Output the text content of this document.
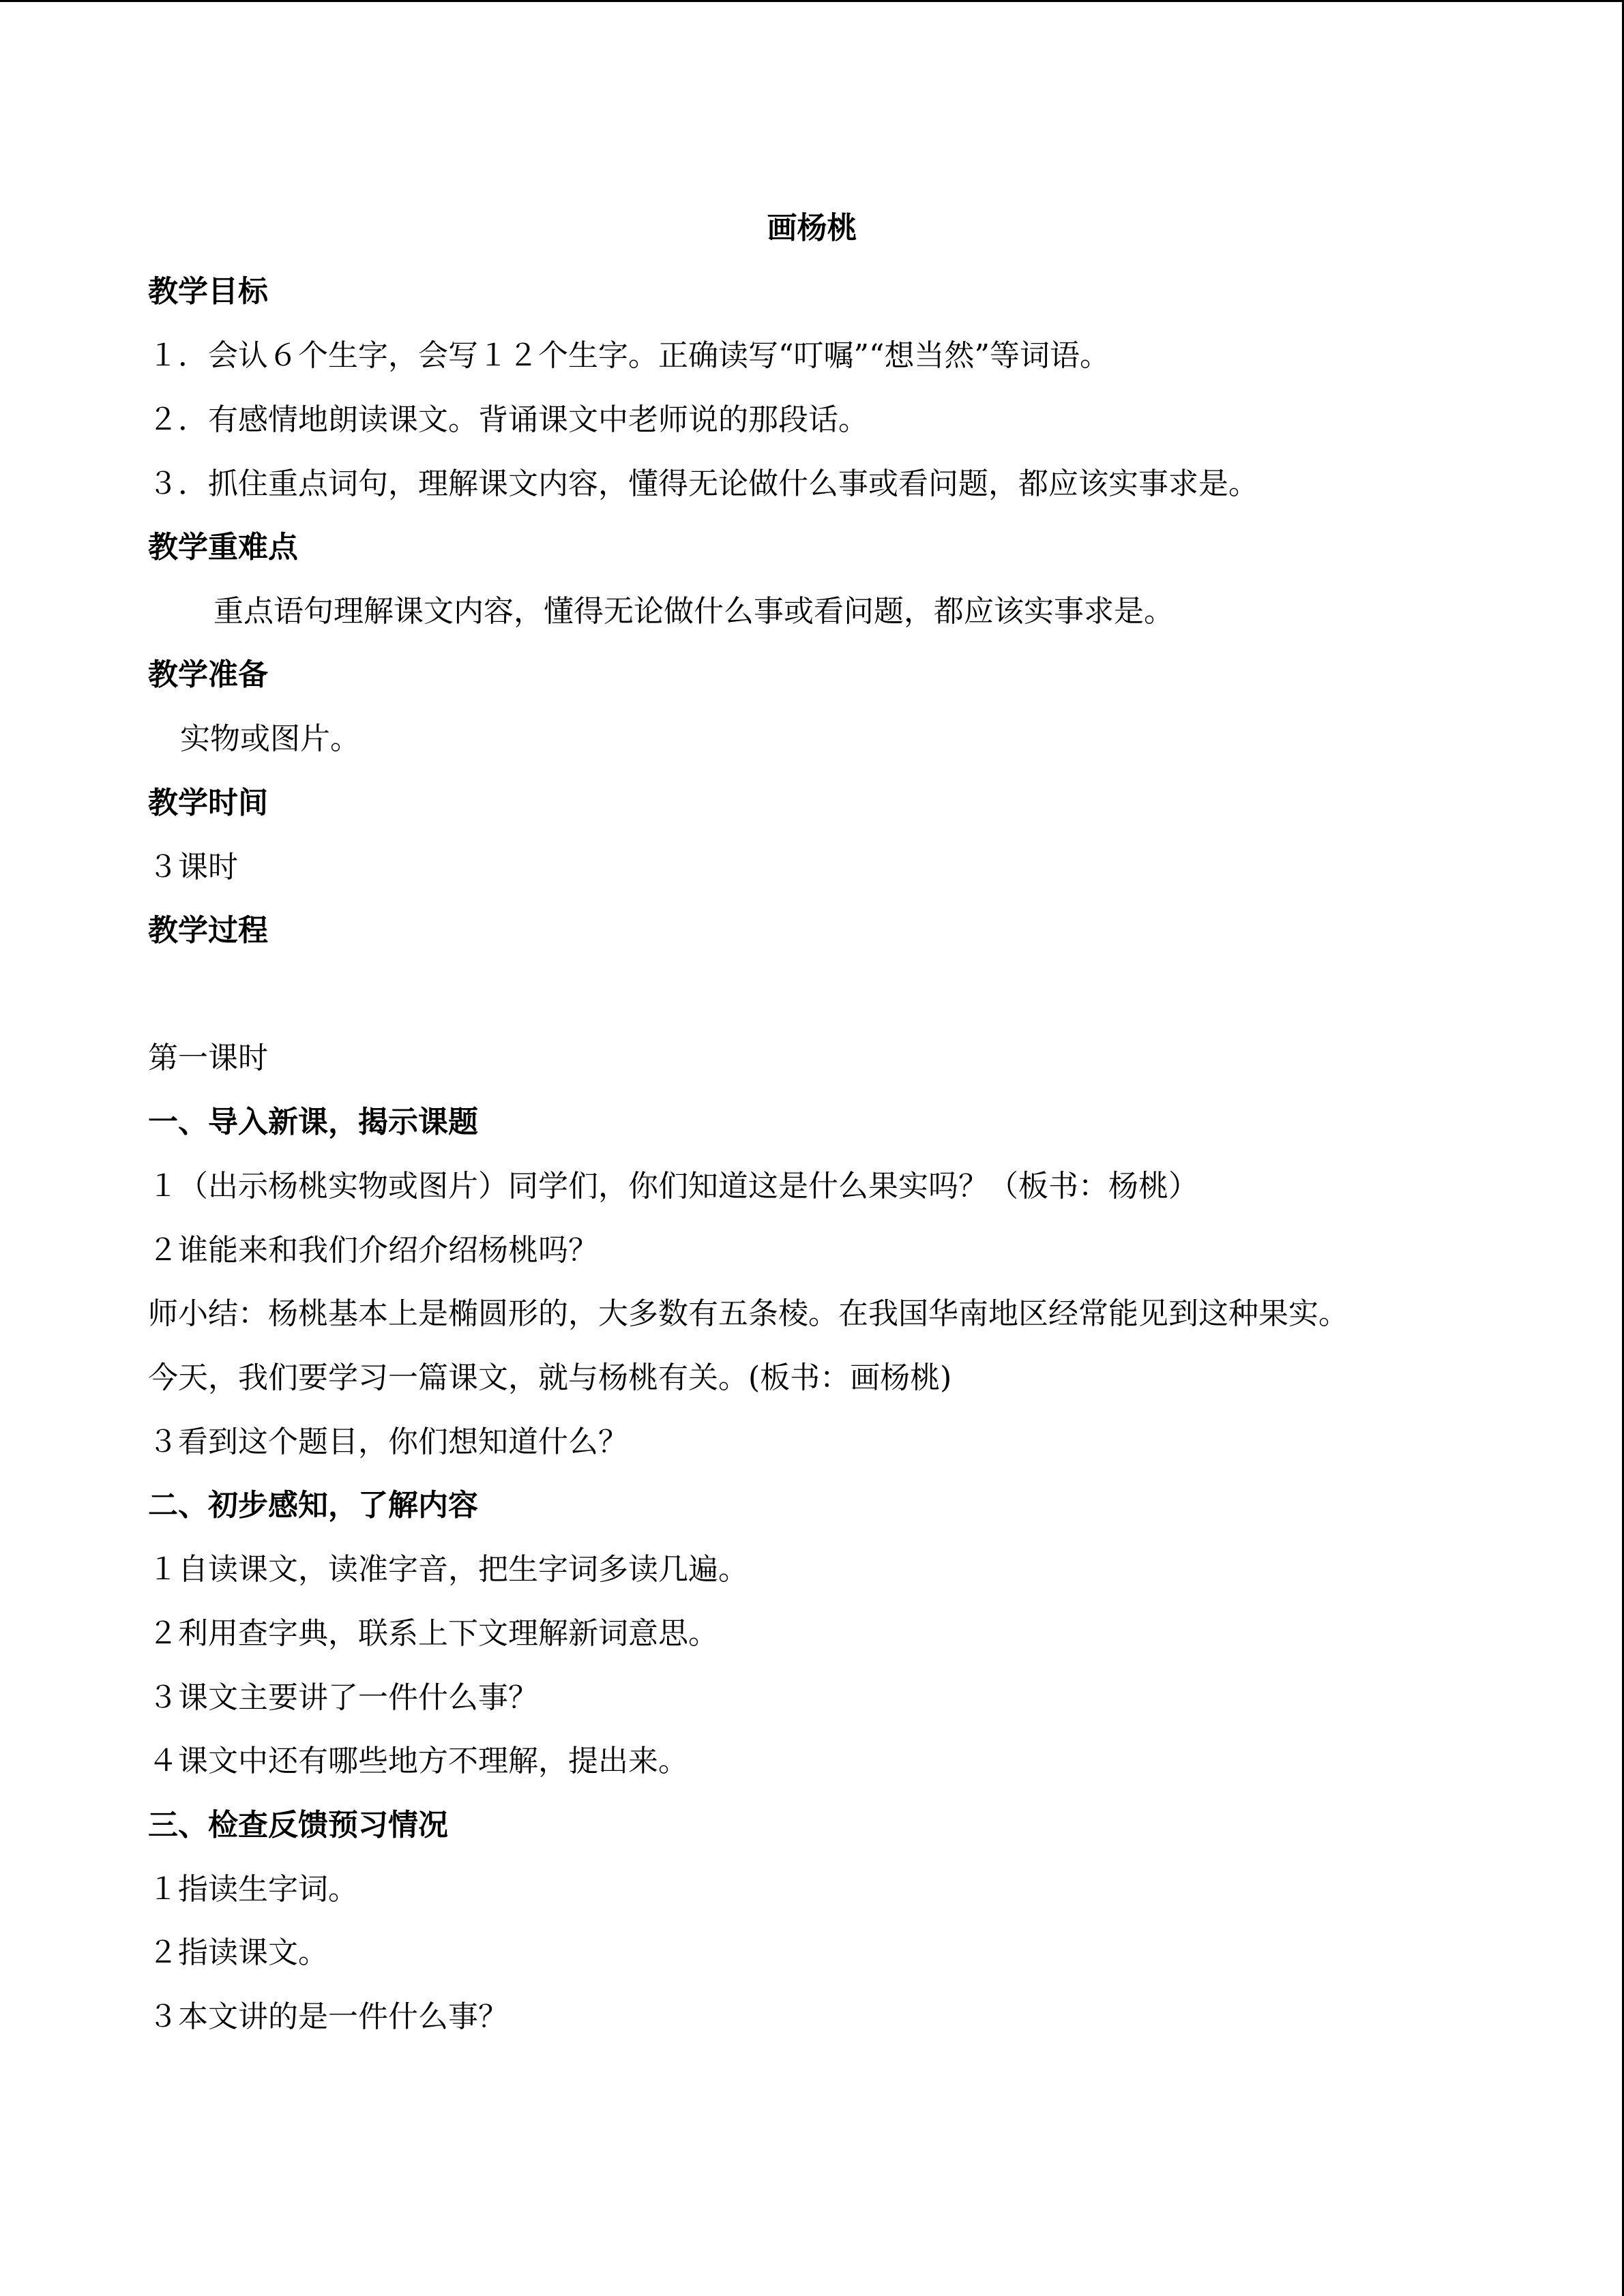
画杨桃
教学目标
１．会认６个生字，会写１２个生字。正确读写“叮嘱”“想当然”等词语。
２．有感情地朗读课文。背诵课文中老师说的那段话。
３．抓住重点词句，理解课文内容，懂得无论做什么事或看问题，都应该实事求是。
教学重难点
重点语句理解课文内容，懂得无论做什么事或看问题，都应该实事求是。
教学准备
实物或图片。
教学时间
３课时
教学过程
第一课时
一、导入新课，揭示课题
１（出示杨桃实物或图片）同学们，你们知道这是什么果实吗？（板书：杨桃）
２谁能来和我们介绍介绍杨桃吗？
师小结：杨桃基本上是椭圆形的，大多数有五条棱。在我国华南地区经常能见到这种果实。
今天，我们要学习一篇课文，就与杨桃有关。(板书：画杨桃)
３看到这个题目，你们想知道什么？
二、初步感知，了解内容
１自读课文，读准字音，把生字词多读几遍。
２利用查字典，联系上下文理解新词意思。
３课文主要讲了一件什么事？
４课文中还有哪些地方不理解，提出来。
三、检查反馈预习情况
１指读生字词。
２指读课文。
３本文讲的是一件什么事？
